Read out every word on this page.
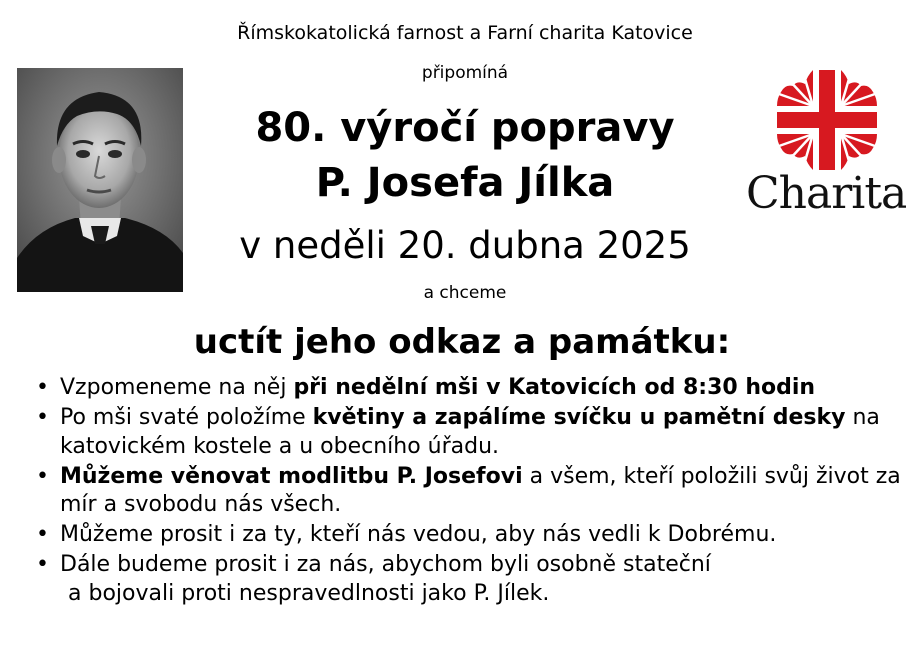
Římskokatolická farnost a Farní charita Katovice
připomíná
80. výročí popravy
P. Josefa Jílka
v neděli 20. dubna 2025
a chceme
uctít jeho odkaz a památku:
Charita
• Vzpomeneme na něj při nedělní mši v Katovicích od 8:30 hodin
• Po mši svaté položíme květiny a zapálíme svíčku u pamětní desky na katovickém kostele a u obecního úřadu.
• Můžeme věnovat modlitbu P. Josefovi a všem, kteří položili svůj život za mír a svobodu nás všech.
• Můžeme prosit i za ty, kteří nás vedou, aby nás vedli k Dobrému.
• Dále budeme prosit i za nás, abychom byli osobně stateční
a bojovali proti nespravedlnosti jako P. Jílek.
